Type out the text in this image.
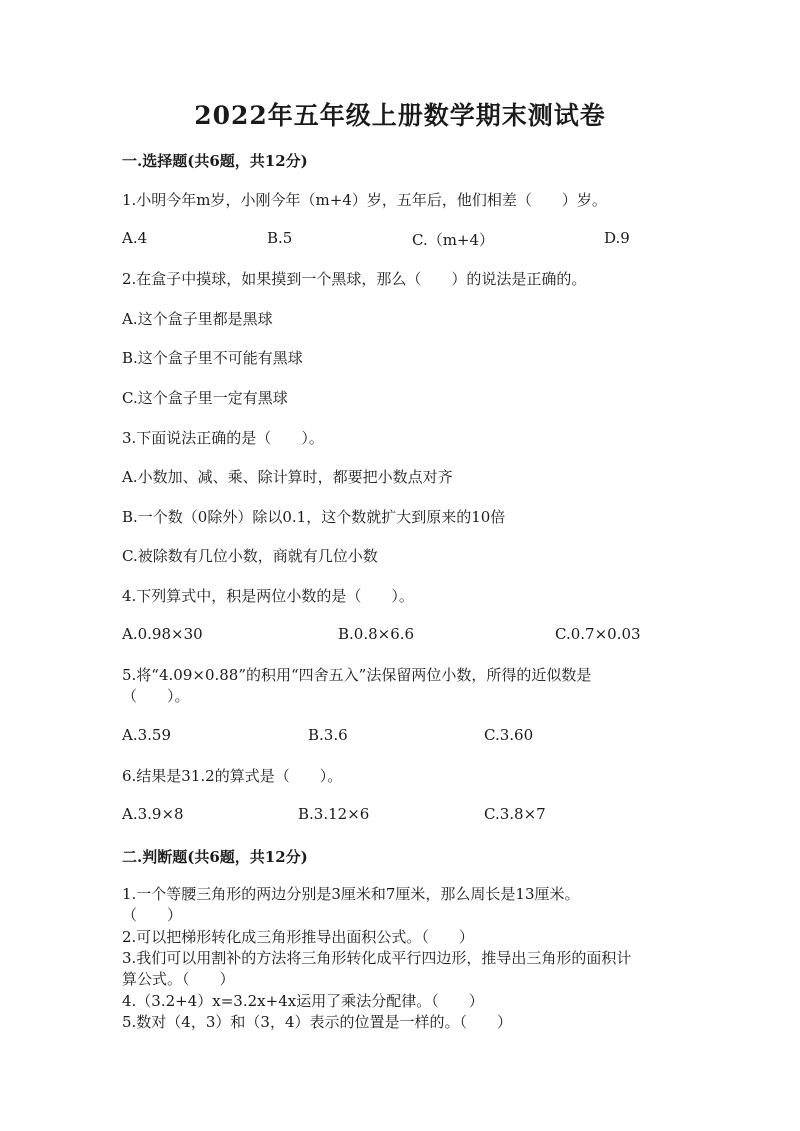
2022年五年级上册数学期末测试卷
一.选择题(共6题，共12分)
1.小明今年m岁，小刚今年（m+4）岁，五年后，他们相差（　　）岁。
A.4	B.5	C.（m+4）	D.9
2.在盒子中摸球，如果摸到一个黑球，那么（　　）的说法是正确的。
A.这个盒子里都是黑球
B.这个盒子里不可能有黑球
C.这个盒子里一定有黑球
3.下面说法正确的是（　　）。
A.小数加、减、乘、除计算时，都要把小数点对齐
B.一个数（0除外）除以0.1，这个数就扩大到原来的10倍
C.被除数有几位小数，商就有几位小数
4.下列算式中，积是两位小数的是（　　）。
A.0.98×30	B.0.8×6.6	C.0.7×0.03
5.将“4.09×0.88”的积用“四舍五入”法保留两位小数，所得的近似数是
（　　）。
A.3.59	B.3.6	C.3.60
6.结果是31.2的算式是（　　）。
A.3.9×8	B.3.12×6	C.3.8×7
二.判断题(共6题，共12分)
1.一个等腰三角形的两边分别是3厘米和7厘米，那么周长是13厘米。
（　　）
2.可以把梯形转化成三角形推导出面积公式。（　　）
3.我们可以用割补的方法将三角形转化成平行四边形，推导出三角形的面积计
算公式。（　　）
4.（3.2+4）x=3.2x+4x运用了乘法分配律。（　　）
5.数对（4，3）和（3，4）表示的位置是一样的。（　　）
